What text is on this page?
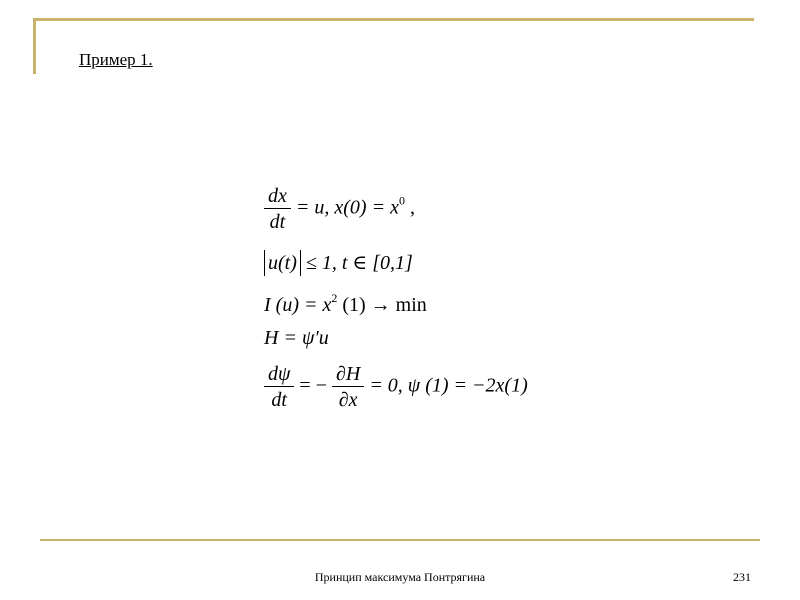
Пример 1.
$\frac{dx}{dt} = u$, $x(0) = x^0$ ,
u(t) ≤ 1, t ∈ [0,1]
I $(u) = x^2$ (1) → min
H = ψ′u
$\frac{d\psi}{dt}$ = − $\frac{\partial H}{\partial x} = 0$, ψ (1) = −2x(1)
Принцип максимума Понтрягина	231
